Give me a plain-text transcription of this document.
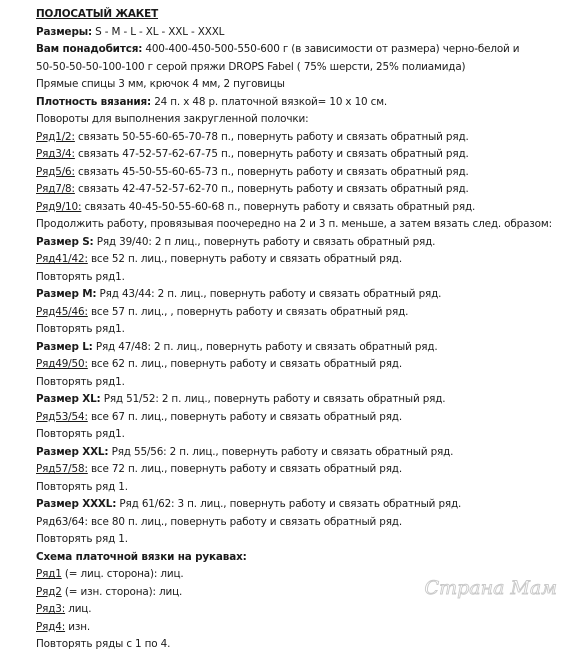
ПОЛОСАТЫЙ ЖАКЕТ
Размеры: S - M - L - XL - XXL - XXXL
Вам понадобится: 400-400-450-500-550-600 г (в зависимости от размера) черно-белой и
50-50-50-50-100-100 г серой пряжи DROPS Fabel ( 75% шерсти, 25% полиамида)
Прямые спицы 3 мм, крючок 4 мм, 2 пуговицы
Плотность вязания: 24 п. х 48 р. платочной вязкой= 10 х 10 см.
Повороты для выполнения закругленной полочки:
Ряд1/2: связать 50-55-60-65-70-78 п., повернуть работу и связать обратный ряд.
Ряд3/4: связать 47-52-57-62-67-75 п., повернуть работу и связать обратный ряд.
Ряд5/6: связать 45-50-55-60-65-73 п., повернуть работу и связать обратный ряд.
Ряд7/8: связать 42-47-52-57-62-70 п., повернуть работу и связать обратный ряд.
Ряд9/10: связать 40-45-50-55-60-68 п., повернуть работу и связать обратный ряд.
Продолжить работу, провязывая поочередно на 2 и 3 п. меньше, а затем вязать след. образом:
Размер S: Ряд 39/40: 2 п лиц., повернуть работу и связать обратный ряд.
Ряд41/42: все 52 п. лиц., повернуть работу и связать обратный ряд.
Повторять ряд1.
Размер M: Ряд 43/44: 2 п. лиц., повернуть работу и связать обратный ряд.
Ряд45/46: все 57 п. лиц., , повернуть работу и связать обратный ряд.
Повторять ряд1.
Размер L: Ряд 47/48: 2 п. лиц., повернуть работу и связать обратный ряд.
Ряд49/50: все 62 п. лиц., повернуть работу и связать обратный ряд.
Повторять ряд1.
Размер XL: Ряд 51/52: 2 п. лиц., повернуть работу и связать обратный ряд.
Ряд53/54: все 67 п. лиц., повернуть работу и связать обратный ряд.
Повторять ряд1.
Размер XXL: Ряд 55/56: 2 п. лиц., повернуть работу и связать обратный ряд.
Ряд57/58: все 72 п. лиц., повернуть работу и связать обратный ряд.
Повторять ряд 1.
Размер XXXL: Ряд 61/62: 3 п. лиц., повернуть работу и связать обратный ряд.
Ряд63/64: все 80 п. лиц., повернуть работу и связать обратный ряд.
Повторять ряд 1.
Схема платочной вязки на рукавах:
Ряд1 (= лиц. сторона): лиц.
Ряд2 (= изн. сторона): лиц.
Ряд3: лиц.
Ряд4: изн.
Повторять ряды с 1 по 4.
Страна Мам
